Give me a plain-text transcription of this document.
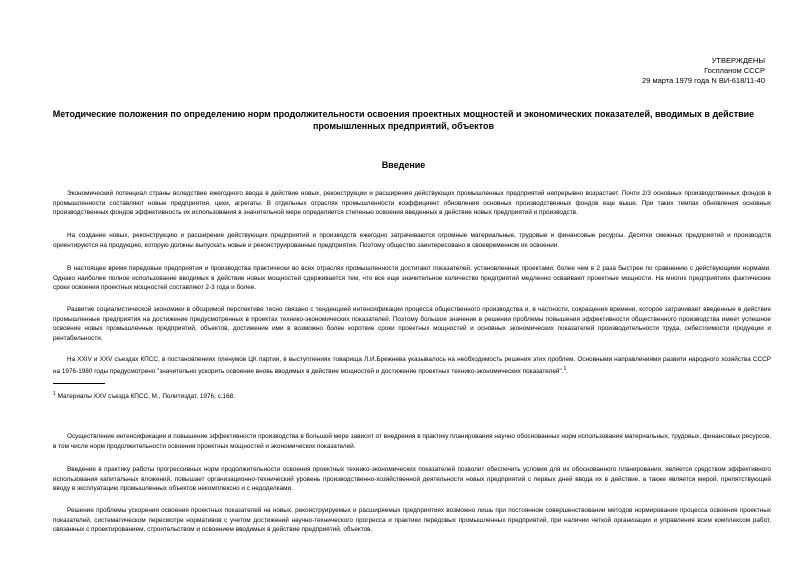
УТВЕРЖДЕНЫ
Госпланом СССР
29 марта 1979 года N ВИ-618/11-40
Методические положения по определению норм продолжительности освоения проектных мощностей и экономических показателей, вводимых в действие промышленных предприятий, объектов
Введение

Экономический потенциал страны вследствие ежегодного ввода в действие новых, реконструкции и расширения действующих промышленных предприятий непрерывно возрастает. Почти 2/3 основных производственных фондов в промышленности составляют новые предприятия, цехи, агрегаты. В отдельных отраслях промышленности коэффициент обновления основных производственных фондов еще выше. При таких темпах обновления основных производственных фондов эффективность их использования в значительной мере определяется степенью освоения введенных в действие новых предприятий и производств.

На создание новых, реконструкцию и расширение действующих предприятий и производств ежегодно затрачиваются огромные материальные, трудовые и финансовые ресурсы. Десятки смежных предприятий и производств ориентируются на продукцию, которую должны выпускать новые и реконструированные предприятия. Поэтому общество заинтересовано в своевременном их освоении.

В настоящее время передовые предприятия и производства практически во всех отраслях промышленности достигают показателей, установленных проектами, более чем в 2 раза быстрее по сравнению с действующими нормами. Однако наиболее полное использование вводимых в действие новых мощностей сдерживается тем, что все еще значительное количество предприятий медленно осваивают проектные мощности. На многих предприятиях фактические сроки освоения проектных мощностей составляют 2-3 года и более.

Развитие социалистической экономики в обозримой перспективе тесно связано с тенденцией интенсификации процесса общественного производства и, в частности, сокращения времени, которое затрачивает введенные в действие промышленные предприятия на достижение предусмотренных в проектах технико-экономических показателей. Поэтому большое значение в решении проблемы повышения эффективности общественного производства имеет успешное освоение новых промышленных предприятий, объектов, достижение ими в возможно более короткие сроки проектных мощностей и основных экономических показателей производительности труда, себестоимости продукции и рентабельности.

На XXIV и XXV съездах КПСС, в постановлениях пленумов ЦК партии, в выступлениях товарища Л.И.Брежнева указывалось на необходимость решения этих проблем. Основными направлениями развити народного хозяйства СССР на 1976-1980 годы предусмотрено "значительно ускорить освоение вновь вводимых в действие мощностей и достижение проектных технико-экономических показателей".$^1$.

$^1$ Материалы XXV съезда КПСС, М., Политиздат, 1976, с.168.

Осуществление интенсификации и повышение эффективности производства в большой мере зависит от внедрения в практику планирования научно обоснованных норм использования материальных, трудовых, финансовых ресурсов, в том числе норм продолжительности освоения проектных мощностей и экономических показателей.

Введение в практику работы прогрессивных норм продолжительности освоения проектных технико-экономических показателей позволит обеспечить условия для их обоснованного планирования, является средством эффективного использования капитальных вложений, повышает организационно-технический уровень производственно-хозяйственной деятельности новых предприятий с первых дней ввода их в действие, а также является мерой, препятствующей вводу в эксплуатацию промышленных объектов некомплексно и с недоделками.

Решение проблемы ускорения освоения проектных показателей на новых, реконструируемых и расширяемых предприятиях возможно лишь при постоянном совершенствовании методов нормирования процесса освоения проектных показателей, систематическом пересмотре нормативов с учетом достижений научно-технического прогресса и практики передовых промышленных предприятий, при наличии четкой организации и управления всем комплексом работ, связанных с проектированием, строительством и освоением вводимых в действие предприятий, объектов.
